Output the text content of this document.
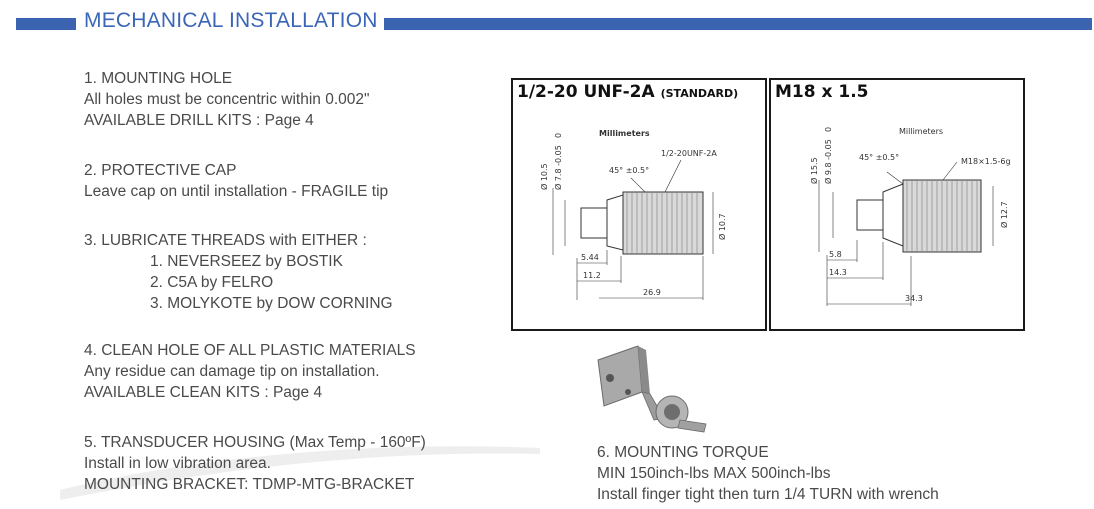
MECHANICAL INSTALLATION
1. MOUNTING HOLE
All holes must be concentric within 0.002"
AVAILABLE DRILL KITS : Page 4
2. PROTECTIVE CAP
Leave cap on until installation - FRAGILE tip
3. LUBRICATE THREADS with EITHER :
1. NEVERSEEZ by BOSTIK
2. C5A by FELRO
3. MOLYKOTE by DOW CORNING
4. CLEAN HOLE OF ALL PLASTIC MATERIALS
Any residue can damage tip on installation.
AVAILABLE CLEAN KITS : Page 4
5. TRANSDUCER HOUSING (Max Temp - 160ºF)
Install in low vibration area.
MOUNTING BRACKET: TDMP-MTG-BRACKET
Millimeters
1/2-20UNF-2A
45° ±0.5°
Ø 10.5
0
Ø 7.8 -0.05
Ø 10.7
5.44
11.2
26.9
1/2-20 UNF-2A (STANDARD)
Millimeters
M18×1.5-6g
45° ±0.5°
Ø 15.5
0
Ø 9.8 -0.05
Ø 12.7
5.8
14.3
34.3
M18 x 1.5
6. MOUNTING TORQUE
MIN 150inch-lbs MAX 500inch-lbs
Install finger tight then turn 1/4 TURN with wrench
